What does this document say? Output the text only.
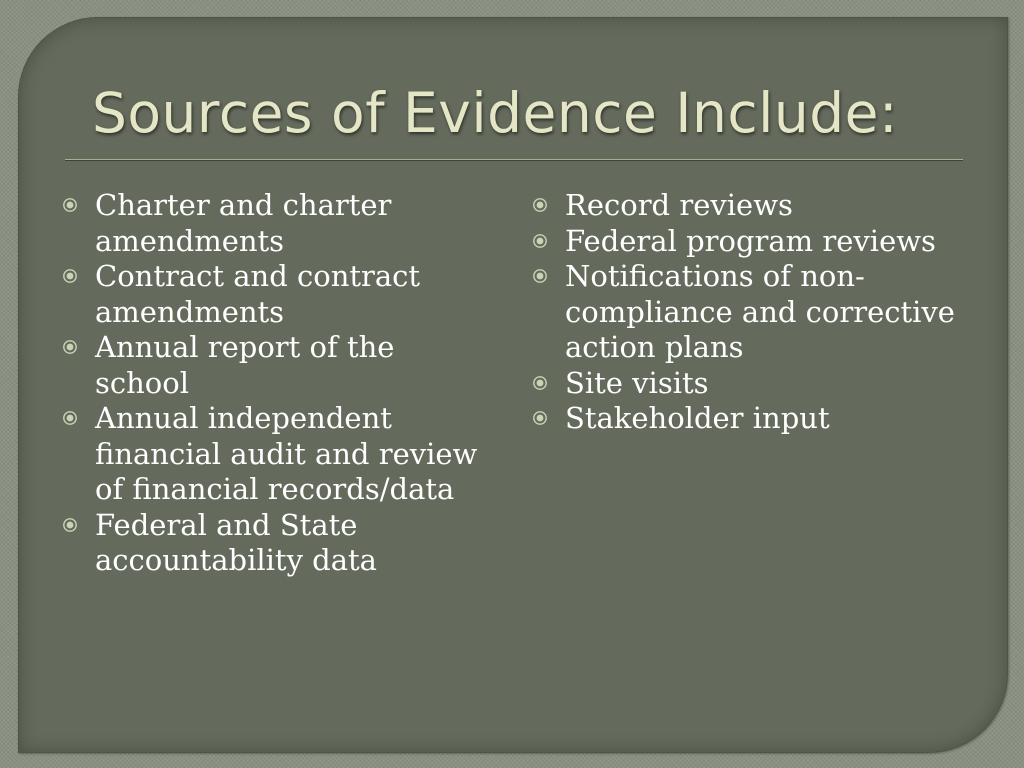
Sources of Evidence Include:
Charter and charter amendments
Contract and contract amendments
Annual report of the school
Annual independent financial audit and review of financial records/data
Federal and State accountability data
Record reviews
Federal program reviews
Notifications of non-compliance and corrective action plans
Site visits
Stakeholder input
